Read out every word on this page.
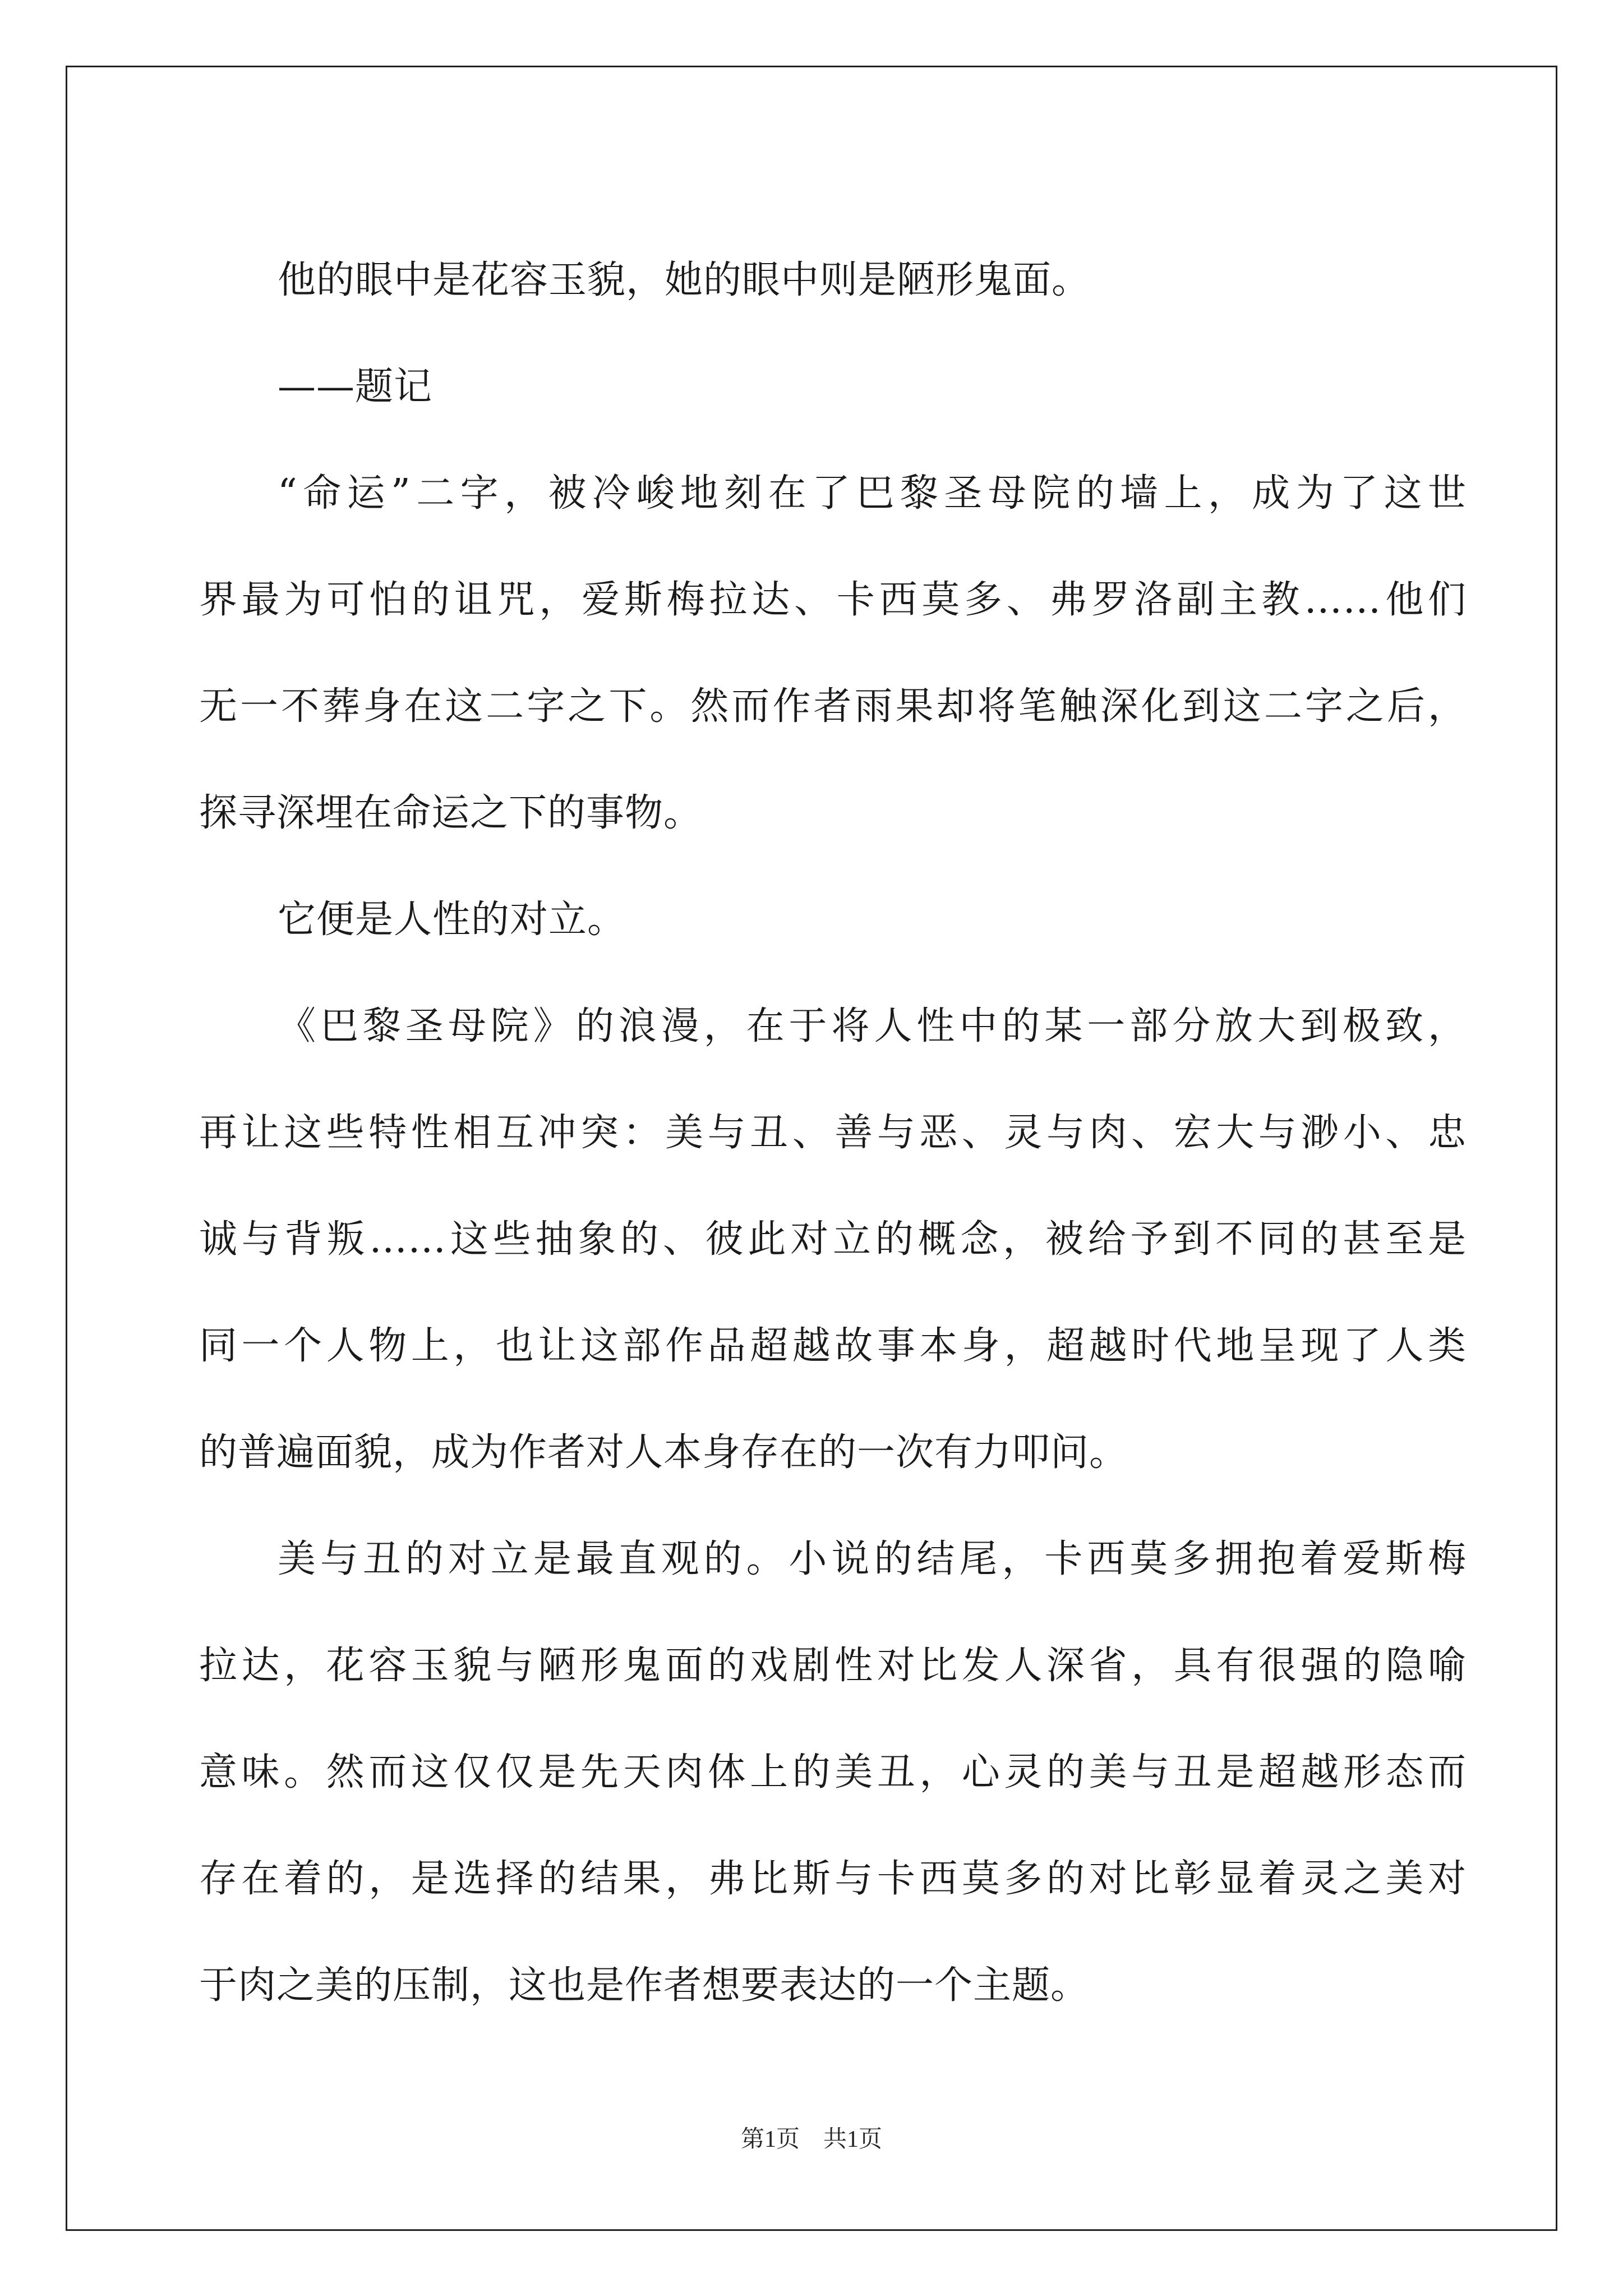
他的眼中是花容玉貌，她的眼中则是陋形鬼面。
——题记
“命运”二字，被冷峻地刻在了巴黎圣母院的墙上，成为了这世
界最为可怕的诅咒，爱斯梅拉达、卡西莫多、弗罗洛副主教……他们
无一不葬身在这二字之下。然而作者雨果却将笔触深化到这二字之后，
探寻深埋在命运之下的事物。
它便是人性的对立。
《巴黎圣母院》的浪漫，在于将人性中的某一部分放大到极致，
再让这些特性相互冲突：美与丑、善与恶、灵与肉、宏大与渺小、忠
诚与背叛……这些抽象的、彼此对立的概念，被给予到不同的甚至是
同一个人物上，也让这部作品超越故事本身，超越时代地呈现了人类
的普遍面貌，成为作者对人本身存在的一次有力叩问。
美与丑的对立是最直观的。小说的结尾，卡西莫多拥抱着爱斯梅
拉达，花容玉貌与陋形鬼面的戏剧性对比发人深省，具有很强的隐喻
意味。然而这仅仅是先天肉体上的美丑，心灵的美与丑是超越形态而
存在着的，是选择的结果，弗比斯与卡西莫多的对比彰显着灵之美对
于肉之美的压制，这也是作者想要表达的一个主题。
第1页　共1页
